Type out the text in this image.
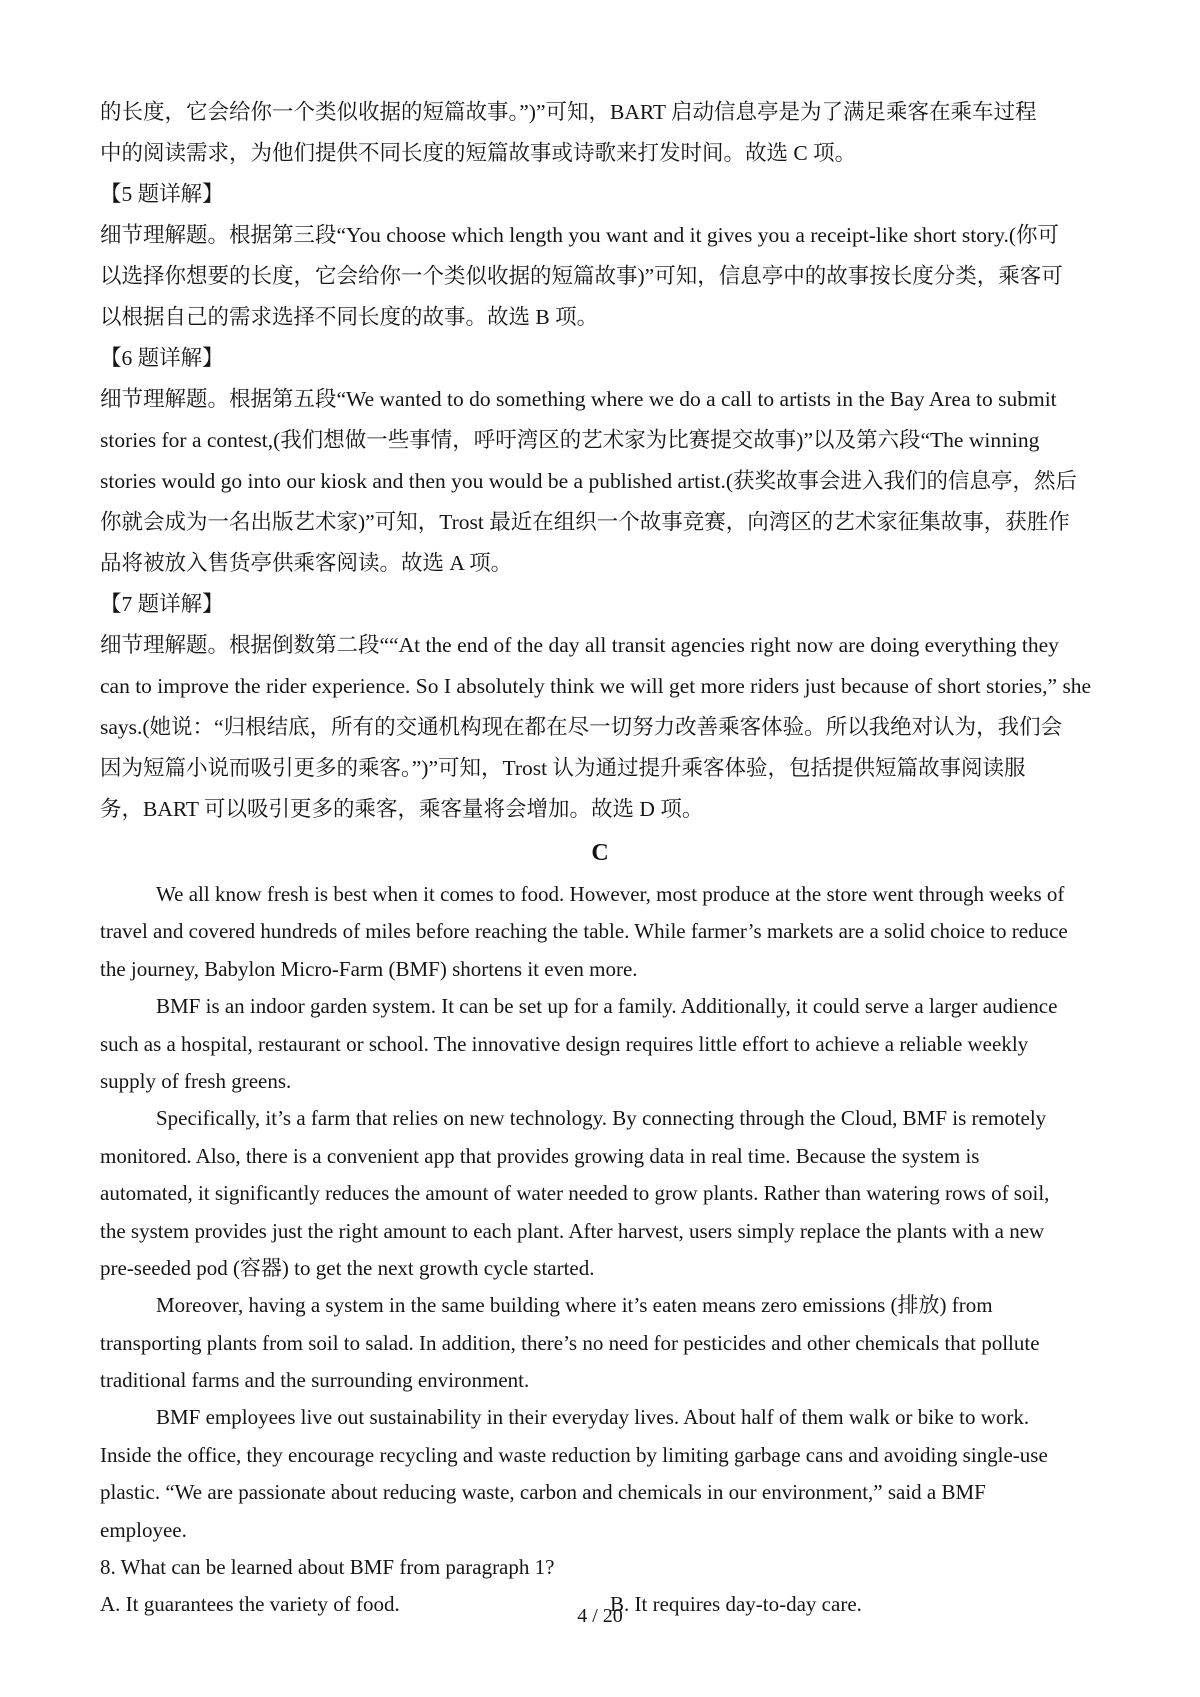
的长度，它会给你一个类似收据的短篇故事。”)”可知，BART 启动信息亭是为了满足乘客在乘车过程
中的阅读需求，为他们提供不同长度的短篇故事或诗歌来打发时间。故选 C 项。
【5 题详解】
细节理解题。根据第三段“You choose which length you want and it gives you a receipt-like short story.(你可
以选择你想要的长度，它会给你一个类似收据的短篇故事)”可知，信息亭中的故事按长度分类，乘客可
以根据自己的需求选择不同长度的故事。故选 B 项。
【6 题详解】
细节理解题。根据第五段“We wanted to do something where we do a call to artists in the Bay Area to submit
stories for a contest,(我们想做一些事情，呼吁湾区的艺术家为比赛提交故事)”以及第六段“The winning
stories would go into our kiosk and then you would be a published artist.(获奖故事会进入我们的信息亭，然后
你就会成为一名出版艺术家)”可知，Trost 最近在组织一个故事竞赛，向湾区的艺术家征集故事，获胜作
品将被放入售货亭供乘客阅读。故选 A 项。
【7 题详解】
细节理解题。根据倒数第二段““At the end of the day all transit agencies right now are doing everything they
can to improve the rider experience. So I absolutely think we will get more riders just because of short stories,” she
says.(她说：“归根结底，所有的交通机构现在都在尽一切努力改善乘客体验。所以我绝对认为，我们会
因为短篇小说而吸引更多的乘客。”)”可知，Trost 认为通过提升乘客体验，包括提供短篇故事阅读服
务，BART 可以吸引更多的乘客，乘客量将会增加。故选 D 项。
C
We all know fresh is best when it comes to food. However, most produce at the store went through weeks of
travel and covered hundreds of miles before reaching the table. While farmer’s markets are a solid choice to reduce
the journey, Babylon Micro-Farm (BMF) shortens it even more.
BMF is an indoor garden system. It can be set up for a family. Additionally, it could serve a larger audience
such as a hospital, restaurant or school. The innovative design requires little effort to achieve a reliable weekly
supply of fresh greens.
Specifically, it’s a farm that relies on new technology. By connecting through the Cloud, BMF is remotely
monitored. Also, there is a convenient app that provides growing data in real time. Because the system is
automated, it significantly reduces the amount of water needed to grow plants. Rather than watering rows of soil,
the system provides just the right amount to each plant. After harvest, users simply replace the plants with a new
pre-seeded pod (容器) to get the next growth cycle started.
Moreover, having a system in the same building where it’s eaten means zero emissions (排放) from
transporting plants from soil to salad. In addition, there’s no need for pesticides and other chemicals that pollute
traditional farms and the surrounding environment.
BMF employees live out sustainability in their everyday lives. About half of them walk or bike to work.
Inside the office, they encourage recycling and waste reduction by limiting garbage cans and avoiding single-use
plastic. “We are passionate about reducing waste, carbon and chemicals in our environment,” said a BMF
employee.
8. What can be learned about BMF from paragraph 1?
A. It guarantees the variety of food.	B. It requires day-to-day care.
4 / 20
